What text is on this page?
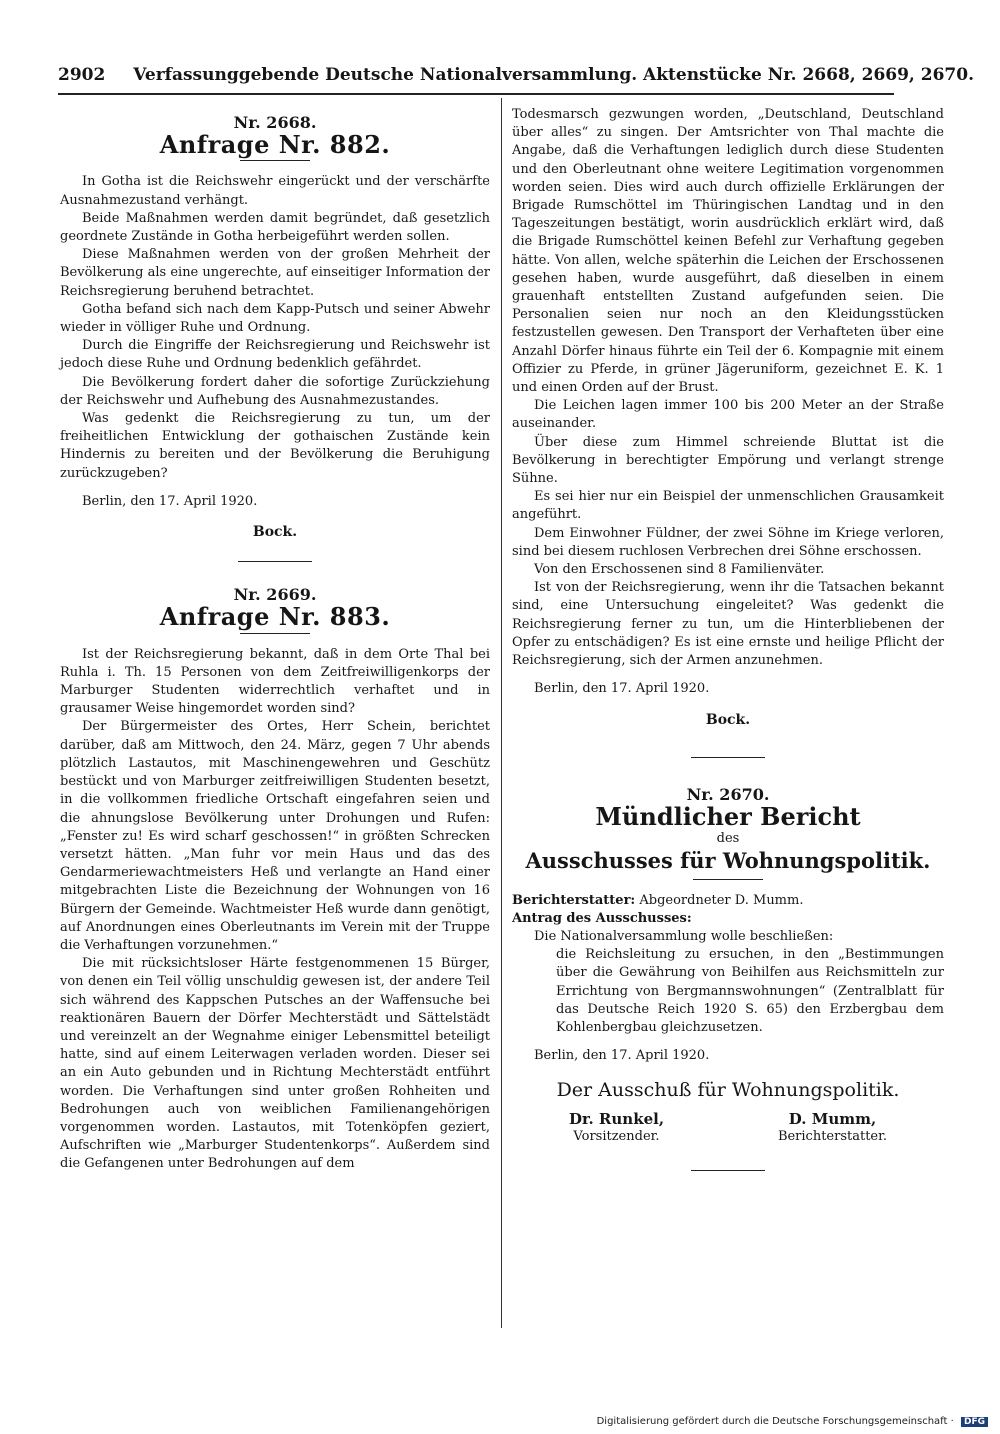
2902 Verfassunggebende Deutsche Nationalversammlung. Aktenstücke Nr. 2668, 2669, 2670.
Nr. 2668.
Anfrage Nr. 882.

In Gotha ist die Reichswehr eingerückt und der verschärfte Ausnahmezustand verhängt.

Beide Maßnahmen werden damit begründet, daß gesetzlich geordnete Zustände in Gotha herbeigeführt werden sollen.

Diese Maßnahmen werden von der großen Mehrheit der Bevölkerung als eine ungerechte, auf einseitiger Information der Reichsregierung beruhend betrachtet.

Gotha befand sich nach dem Kapp-Putsch und seiner Abwehr wieder in völliger Ruhe und Ordnung.

Durch die Eingriffe der Reichsregierung und Reichswehr ist jedoch diese Ruhe und Ordnung bedenklich gefährdet.

Die Bevölkerung fordert daher die sofortige Zurückziehung der Reichswehr und Aufhebung des Ausnahmezustandes.

Was gedenkt die Reichsregierung zu tun, um der freiheitlichen Entwicklung der gothaischen Zustände kein Hindernis zu bereiten und der Bevölkerung die Beruhigung zurückzugeben?

Berlin, den 17. April 1920.
Bock.
Nr. 2669.
Anfrage Nr. 883.

Ist der Reichsregierung bekannt, daß in dem Orte Thal bei Ruhla i. Th. 15 Personen von dem Zeitfreiwilligenkorps der Marburger Studenten widerrechtlich verhaftet und in grausamer Weise hingemordet worden sind?

Der Bürgermeister des Ortes, Herr Schein, berichtet darüber, daß am Mittwoch, den 24. März, gegen 7 Uhr abends plötzlich Lastautos, mit Maschinengewehren und Geschütz bestückt und von Marburger zeitfreiwilligen Studenten besetzt, in die vollkommen friedliche Ortschaft eingefahren seien und die ahnungslose Bevölkerung unter Drohungen und Rufen: „Fenster zu! Es wird scharf geschossen!“ in größten Schrecken versetzt hätten. „Man fuhr vor mein Haus und das des Gendarmeriewachtmeisters Heß und verlangte an Hand einer mitgebrachten Liste die Bezeichnung der Wohnungen von 16 Bürgern der Gemeinde. Wachtmeister Heß wurde dann genötigt, auf Anordnungen eines Oberleutnants im Verein mit der Truppe die Verhaftungen vorzunehmen.“

Die mit rücksichtsloser Härte festgenommenen 15 Bürger, von denen ein Teil völlig unschuldig gewesen ist, der andere Teil sich während des Kappschen Putsches an der Waffensuche bei reaktionären Bauern der Dörfer Mechterstädt und Sättelstädt und vereinzelt an der Wegnahme einiger Lebensmittel beteiligt hatte, sind auf einem Leiterwagen verladen worden. Dieser sei an ein Auto gebunden und in Richtung Mechterstädt entführt worden. Die Verhaftungen sind unter großen Rohheiten und Bedrohungen auch von weiblichen Familienangehörigen vorgenommen worden. Lastautos, mit Totenköpfen geziert, Aufschriften wie „Marburger Studentenkorps“. Außerdem sind die Gefangenen unter Bedrohungen auf dem

Todesmarsch gezwungen worden, „Deutschland, Deutschland über alles“ zu singen. Der Amtsrichter von Thal machte die Angabe, daß die Verhaftungen lediglich durch diese Studenten und den Oberleutnant ohne weitere Legitimation vorgenommen worden seien. Dies wird auch durch offizielle Erklärungen der Brigade Rumschöttel im Thüringischen Landtag und in den Tageszeitungen bestätigt, worin ausdrücklich erklärt wird, daß die Brigade Rumschöttel keinen Befehl zur Verhaftung gegeben hätte. Von allen, welche späterhin die Leichen der Erschossenen gesehen haben, wurde ausgeführt, daß dieselben in einem grauenhaft entstellten Zustand aufgefunden seien. Die Personalien seien nur noch an den Kleidungsstücken festzustellen gewesen. Den Transport der Verhafteten über eine Anzahl Dörfer hinaus führte ein Teil der 6. Kompagnie mit einem Offizier zu Pferde, in grüner Jägeruniform, gezeichnet E. K. 1 und einen Orden auf der Brust.

Die Leichen lagen immer 100 bis 200 Meter an der Straße auseinander.

Über diese zum Himmel schreiende Bluttat ist die Bevölkerung in berechtigter Empörung und verlangt strenge Sühne.

Es sei hier nur ein Beispiel der unmenschlichen Grausamkeit angeführt.

Dem Einwohner Füldner, der zwei Söhne im Kriege verloren, sind bei diesem ruchlosen Verbrechen drei Söhne erschossen.

Von den Erschossenen sind 8 Familienväter.

Ist von der Reichsregierung, wenn ihr die Tatsachen bekannt sind, eine Untersuchung eingeleitet? Was gedenkt die Reichsregierung ferner zu tun, um die Hinterbliebenen der Opfer zu entschädigen? Es ist eine ernste und heilige Pflicht der Reichsregierung, sich der Armen anzunehmen.

Berlin, den 17. April 1920.
Bock.
Nr. 2670.
Mündlicher Bericht
des
Ausschusses für Wohnungspolitik.
Berichterstatter: Abgeordneter D. Mumm.
Antrag des Ausschusses:
Die Nationalversammlung wolle beschließen:
die Reichsleitung zu ersuchen, in den „Bestimmungen über die Gewährung von Beihilfen aus Reichsmitteln zur Errichtung von Bergmannswohnungen“ (Zentralblatt für das Deutsche Reich 1920 S. 65) den Erzbergbau dem Kohlenbergbau gleichzusetzen.
Berlin, den 17. April 1920.
Der Ausschuß für Wohnungspolitik.
Dr. Runkel,
Vorsitzender.
D. Mumm,
Berichterstatter.
Digitalisierung gefördert durch die Deutsche Forschungsgemeinschaft · DFG
